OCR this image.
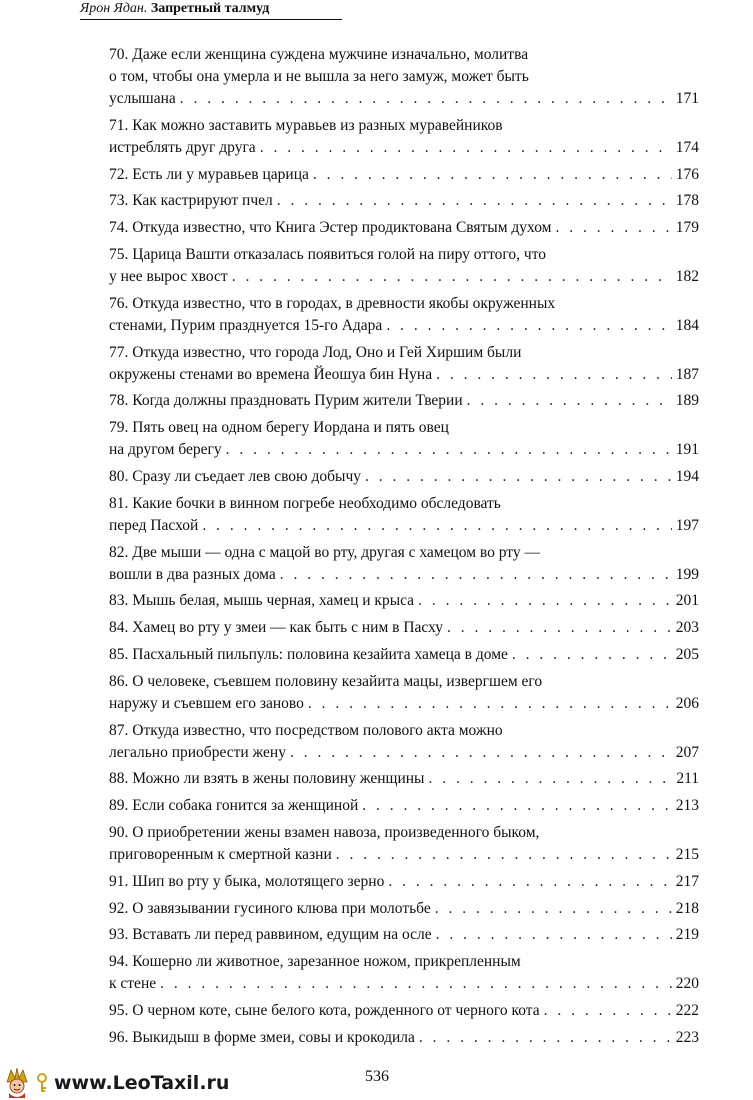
Ярон Ядан. Запретный талмуд
70. Даже если женщина суждена мужчине изначально, молитва
о том, чтобы она умерла и не вышла за него замуж, может быть
услышана . . .	171
71. Как можно заставить муравьев из разных муравейников
истреблять друг друга . . .	174
72. Есть ли у муравьев царица . . .	176
73. Как кастрируют пчел . . .	178
74. Откуда известно, что Книга Эстер продиктована Святым духом . . .	179
75. Царица Вашти отказалась появиться голой на пиру оттого, что
у нее вырос хвост . . .	182
76. Откуда известно, что в городах, в древности якобы окруженных
стенами, Пурим празднуется 15-го Адара . . .	184
77. Откуда известно, что города Лод, Оно и Гей Хиршим были
окружены стенами во времена Йеошуа бин Нуна . . .	187
78. Когда должны праздновать Пурим жители Тверии . . .	189
79. Пять овец на одном берегу Иордана и пять овец
на другом берегу . . .	191
80. Сразу ли съедает лев свою добычу . . .	194
81. Какие бочки в винном погребе необходимо обследовать
перед Пасхой . . .	197
82. Две мыши — одна с мацой во рту, другая с хамецом во рту —
вошли в два разных дома . . .	199
83. Мышь белая, мышь черная, хамец и крыса . . .	201
84. Хамец во рту у змеи — как быть с ним в Пасху . . .	203
85. Пасхальный пильпуль: половина кезайита хамеца в доме . . .	205
86. О человеке, съевшем половину кезайита мацы, извергшем его
наружу и съевшем его заново . . .	206
87. Откуда известно, что посредством полового акта можно
легально приобрести жену . . .	207
88. Можно ли взять в жены половину женщины . . .	211
89. Если собака гонится за женщиной . . .	213
90. О приобретении жены взамен навоза, произведенного быком,
приговоренным к смертной казни . . .	215
91. Шип во рту у быка, молотящего зерно . . .	217
92. О завязывании гусиного клюва при молотьбе . . .	218
93. Вставать ли перед раввином, едущим на осле . . .	219
94. Кошерно ли животное, зарезанное ножом, прикрепленным
к стене . . .	220
95. О черном коте, сыне белого кота, рожденного от черного кота . . .	222
96. Выкидыш в форме змеи, совы и крокодила . . .	223
536
www.LeoTaxil.ru
